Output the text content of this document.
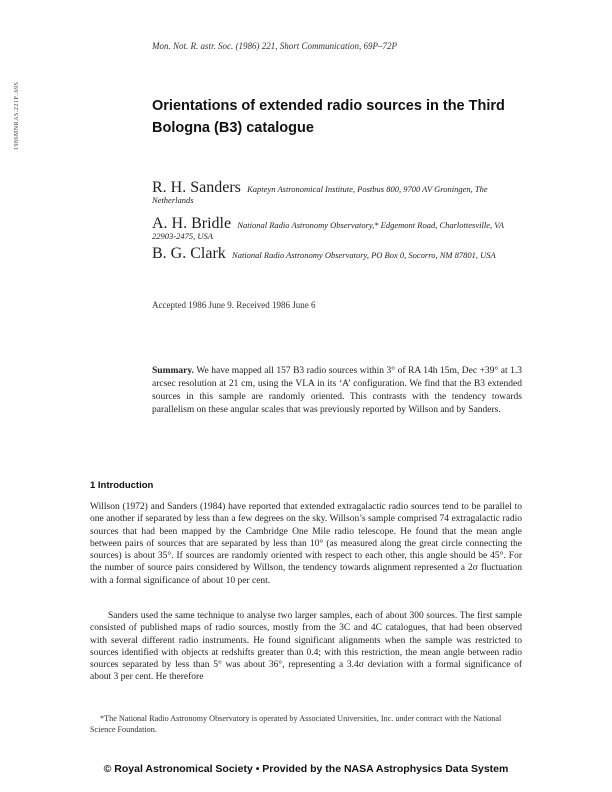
1986MNRAS.221P..69S
Mon. Not. R. astr. Soc. (1986) 221, Short Communication, 69P–72P
Orientations of extended radio sources in the Third Bologna (B3) catalogue
R. H. Sanders Kapteyn Astronomical Institute, Postbus 800, 9700 AV Groningen, The Netherlands
A. H. Bridle National Radio Astronomy Observatory,* Edgemont Road, Charlottesville, VA 22903-2475, USA
B. G. Clark National Radio Astronomy Observatory, PO Box 0, Socorro, NM 87801, USA
Accepted 1986 June 9. Received 1986 June 6
Summary. We have mapped all 157 B3 radio sources within 3° of RA 14h 15m, Dec +39° at 1.3 arcsec resolution at 21 cm, using the VLA in its ‘A’ configuration. We find that the B3 extended sources in this sample are randomly oriented. This contrasts with the tendency towards parallelism on these angular scales that was previously reported by Willson and by Sanders.
1 Introduction
Willson (1972) and Sanders (1984) have reported that extended extragalactic radio sources tend to be parallel to one another if separated by less than a few degrees on the sky. Willson’s sample comprised 74 extragalactic radio sources that had been mapped by the Cambridge One Mile radio telescope. He found that the mean angle between pairs of sources that are separated by less than 10° (as measured along the great circle connecting the sources) is about 35°. If sources are randomly oriented with respect to each other, this angle should be 45°. For the number of source pairs considered by Willson, the tendency towards alignment represented a 2σ fluctuation with a formal significance of about 10 per cent.
Sanders used the same technique to analyse two larger samples, each of about 300 sources. The first sample consisted of published maps of radio sources, mostly from the 3C and 4C catalogues, that had been observed with several different radio instruments. He found significant alignments when the sample was restricted to sources identified with objects at redshifts greater than 0.4; with this restriction, the mean angle between radio sources separated by less than 5° was about 36°, representing a 3.4σ deviation with a formal significance of about 3 per cent. He therefore
*The National Radio Astronomy Observatory is operated by Associated Universities, Inc. under contract with the National Science Foundation.
© Royal Astronomical Society • Provided by the NASA Astrophysics Data System
